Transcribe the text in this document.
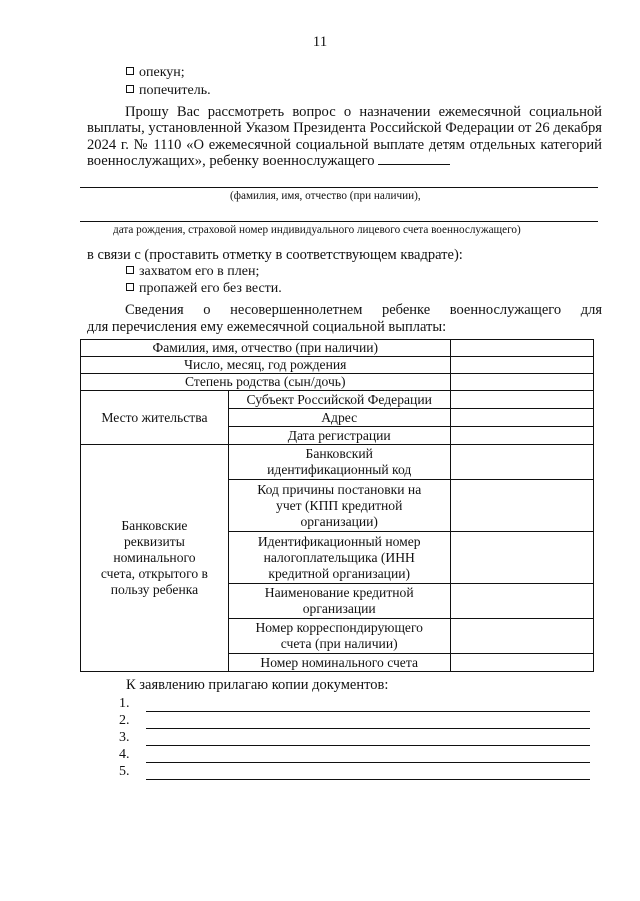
11
опекун;
попечитель.
Прошу Вас рассмотреть вопрос о назначении ежемесячной социальной выплаты, установленной Указом Президента Российской Федерации от 26 декабря 2024 г. № 1110 «О ежемесячной социальной выплате детям отдельных категорий военнослужащих», ребенку военнослужащего
(фамилия, имя, отчество (при наличии),
дата рождения, страховой номер индивидуального лицевого счета военнослужащего)
в связи с (проставить отметку в соответствующем квадрате):
захватом его в плен;
пропажей его без вести.
Сведения о несовершеннолетнем ребенке военнослужащего для
для перечисления ему ежемесячной социальной выплаты:
Фамилия, имя, отчество (при наличии)		
Число, месяц, год рождения		
Степень родства (сын/дочь)		
Место жительства	Субъект Российской Федерации	
	Адрес	
	Дата регистрации	
Банковские реквизиты номинального счета, открытого в пользу ребенка	Банковский идентификационный код	
	Код причины постановки на учет (КПП кредитной организации)	
	Идентификационный номер налогоплательщика (ИНН кредитной организации)	
	Наименование кредитной организации	
	Номер корреспондирующего счета (при наличии)	
	Номер номинального счета	
К заявлению прилагаю копии документов:
1.
2.
3.
4.
5.
